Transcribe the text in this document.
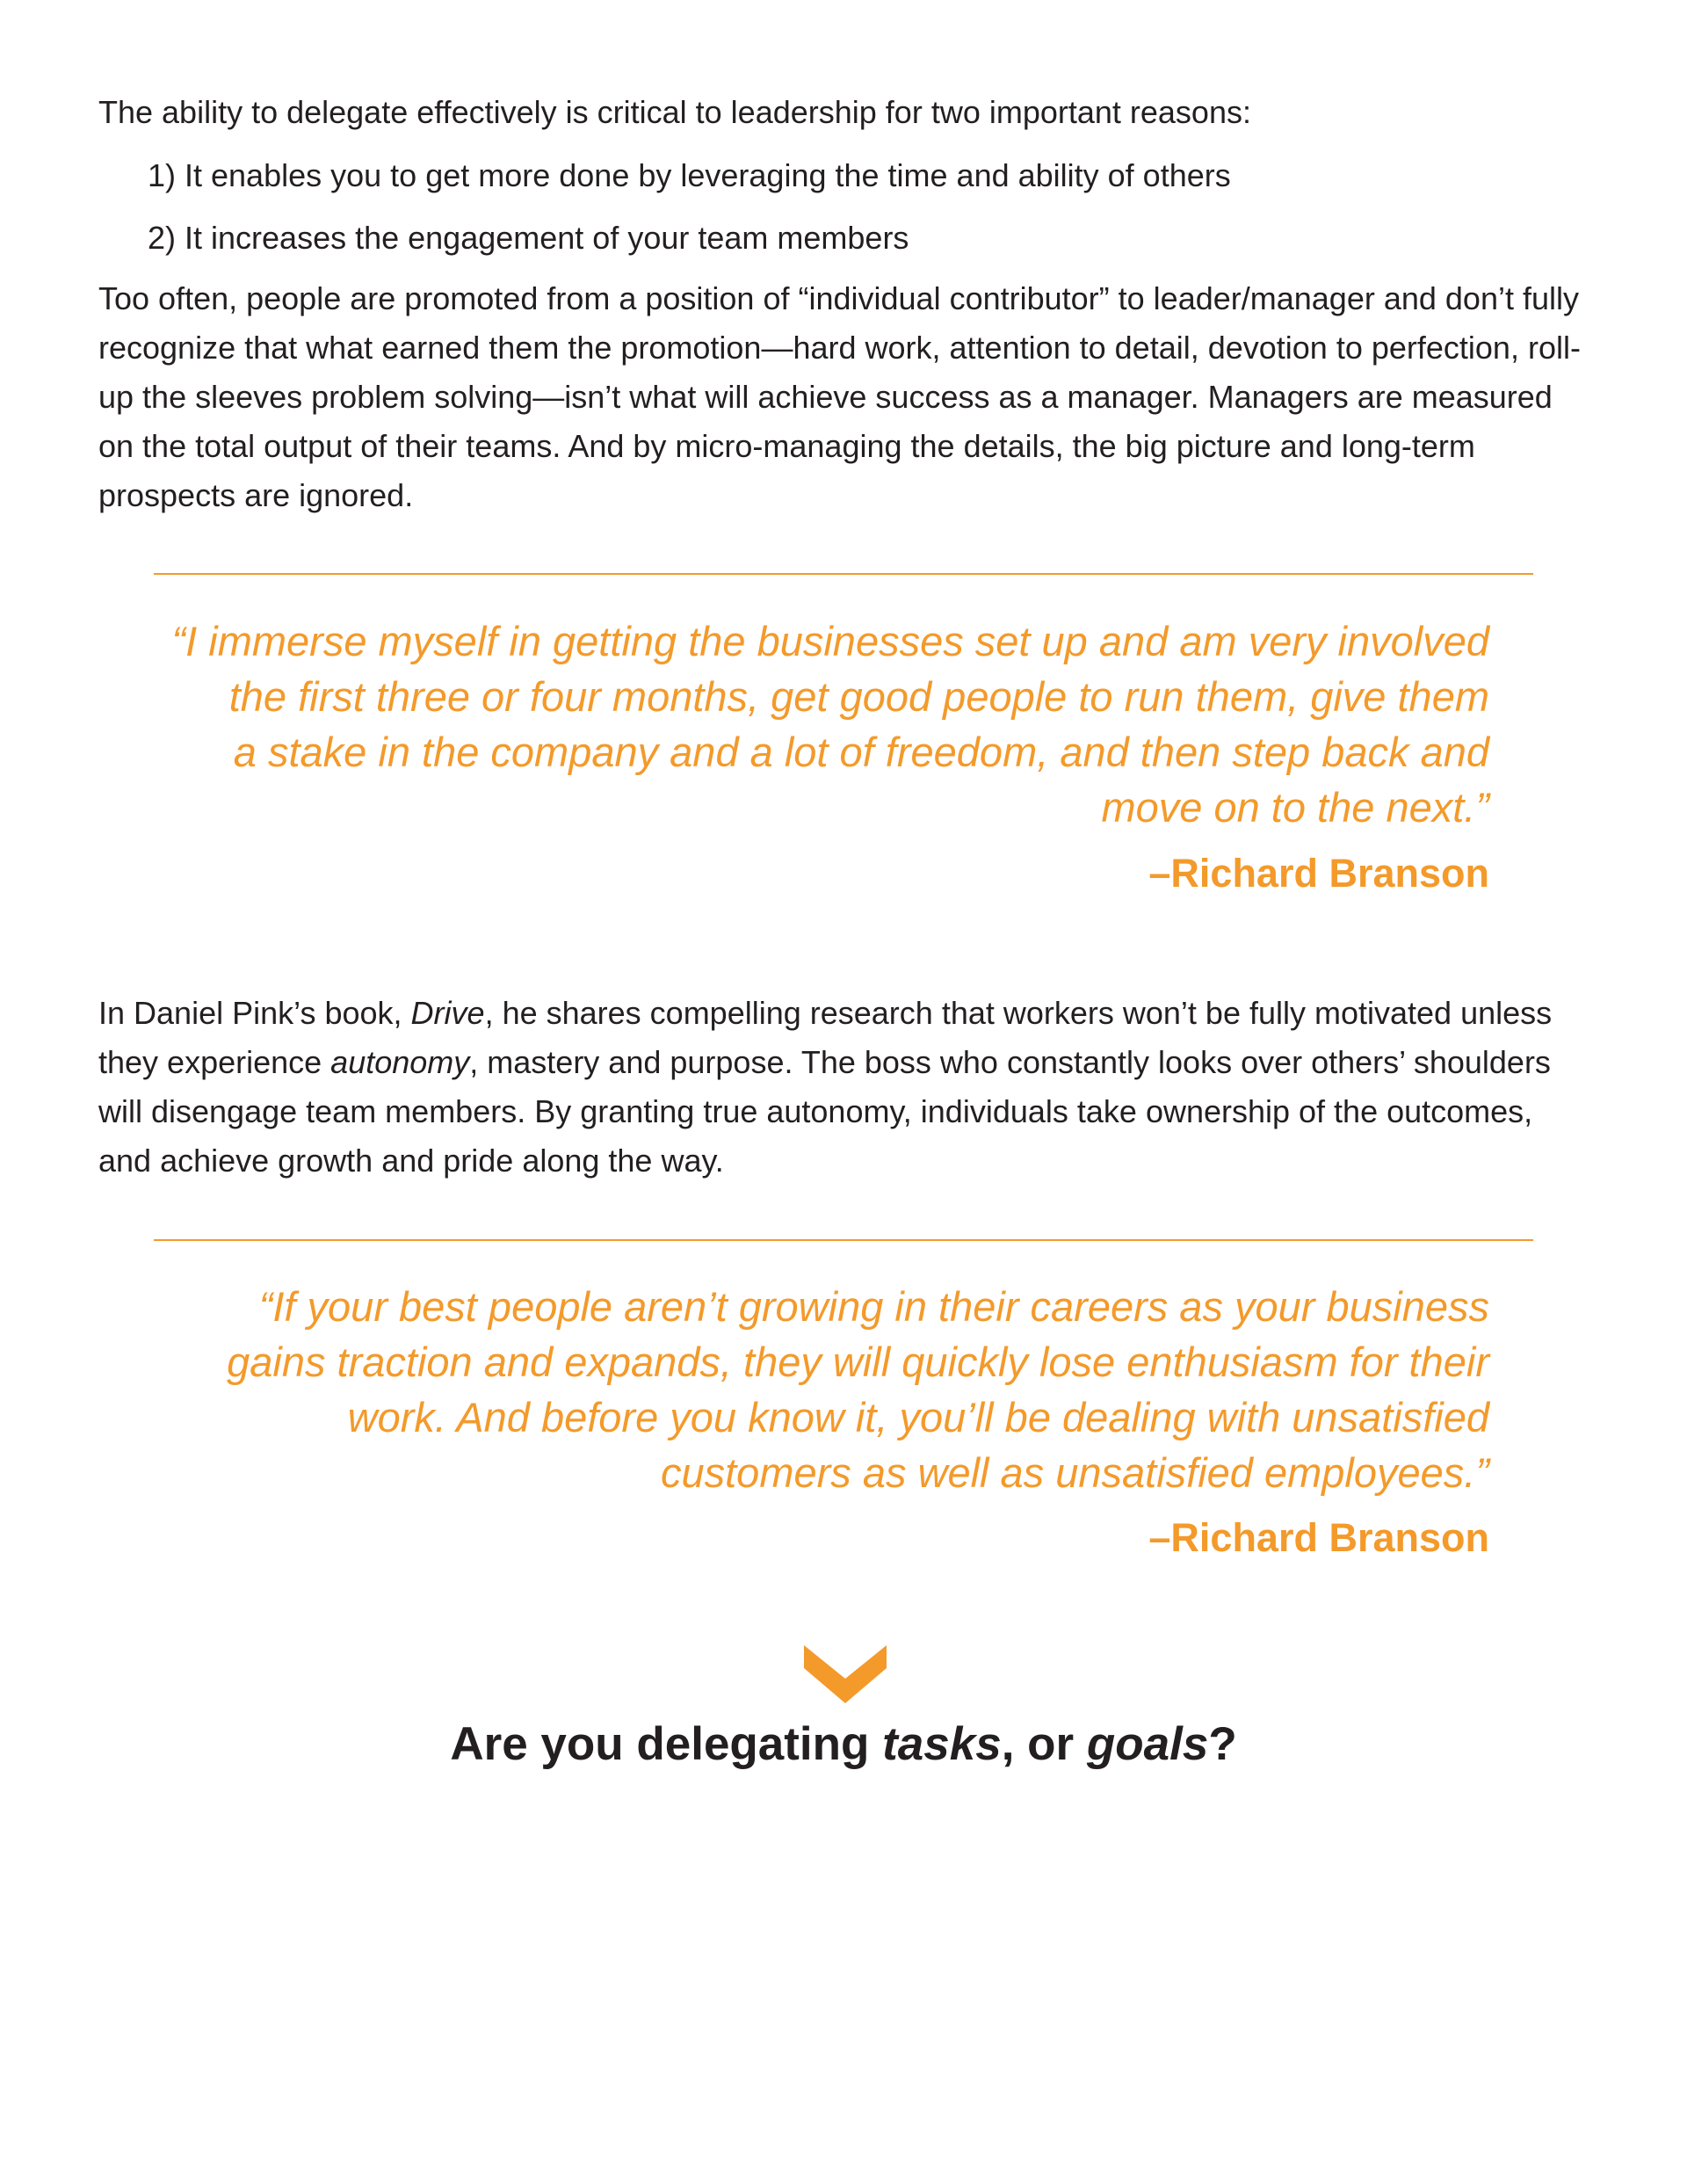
The ability to delegate effectively is critical to leadership for two important reasons:

1) It enables you to get more done by leveraging the time and ability of others

2) It increases the engagement of your team members

Too often, people are promoted from a position of “individual contributor” to leader/manager and don’t fully recognize that what earned them the promotion—hard work, attention to detail, devotion to perfection, roll-up the sleeves problem solving—isn’t what will achieve success as a manager. Managers are measured on the total output of their teams. And by micro-managing the details, the big picture and long-term prospects are ignored.

“I immerse myself in getting the businesses set up and am very involved
the first three or four months, get good people to run them, give them
a stake in the company and a lot of freedom, and then step back and
move on to the next.”

–Richard Branson

In Daniel Pink’s book, Drive, he shares compelling research that workers won’t be fully motivated unless they experience autonomy, mastery and purpose. The boss who constantly looks over others’ shoulders will disengage team members. By granting true autonomy, individuals take ownership of the outcomes, and achieve growth and pride along the way.

“If your best people aren’t growing in their careers as your business
gains traction and expands, they will quickly lose enthusiasm for their
work. And before you know it, you’ll be dealing with unsatisfied
customers as well as unsatisfied employees.”

–Richard Branson

Are you delegating tasks, or goals?
